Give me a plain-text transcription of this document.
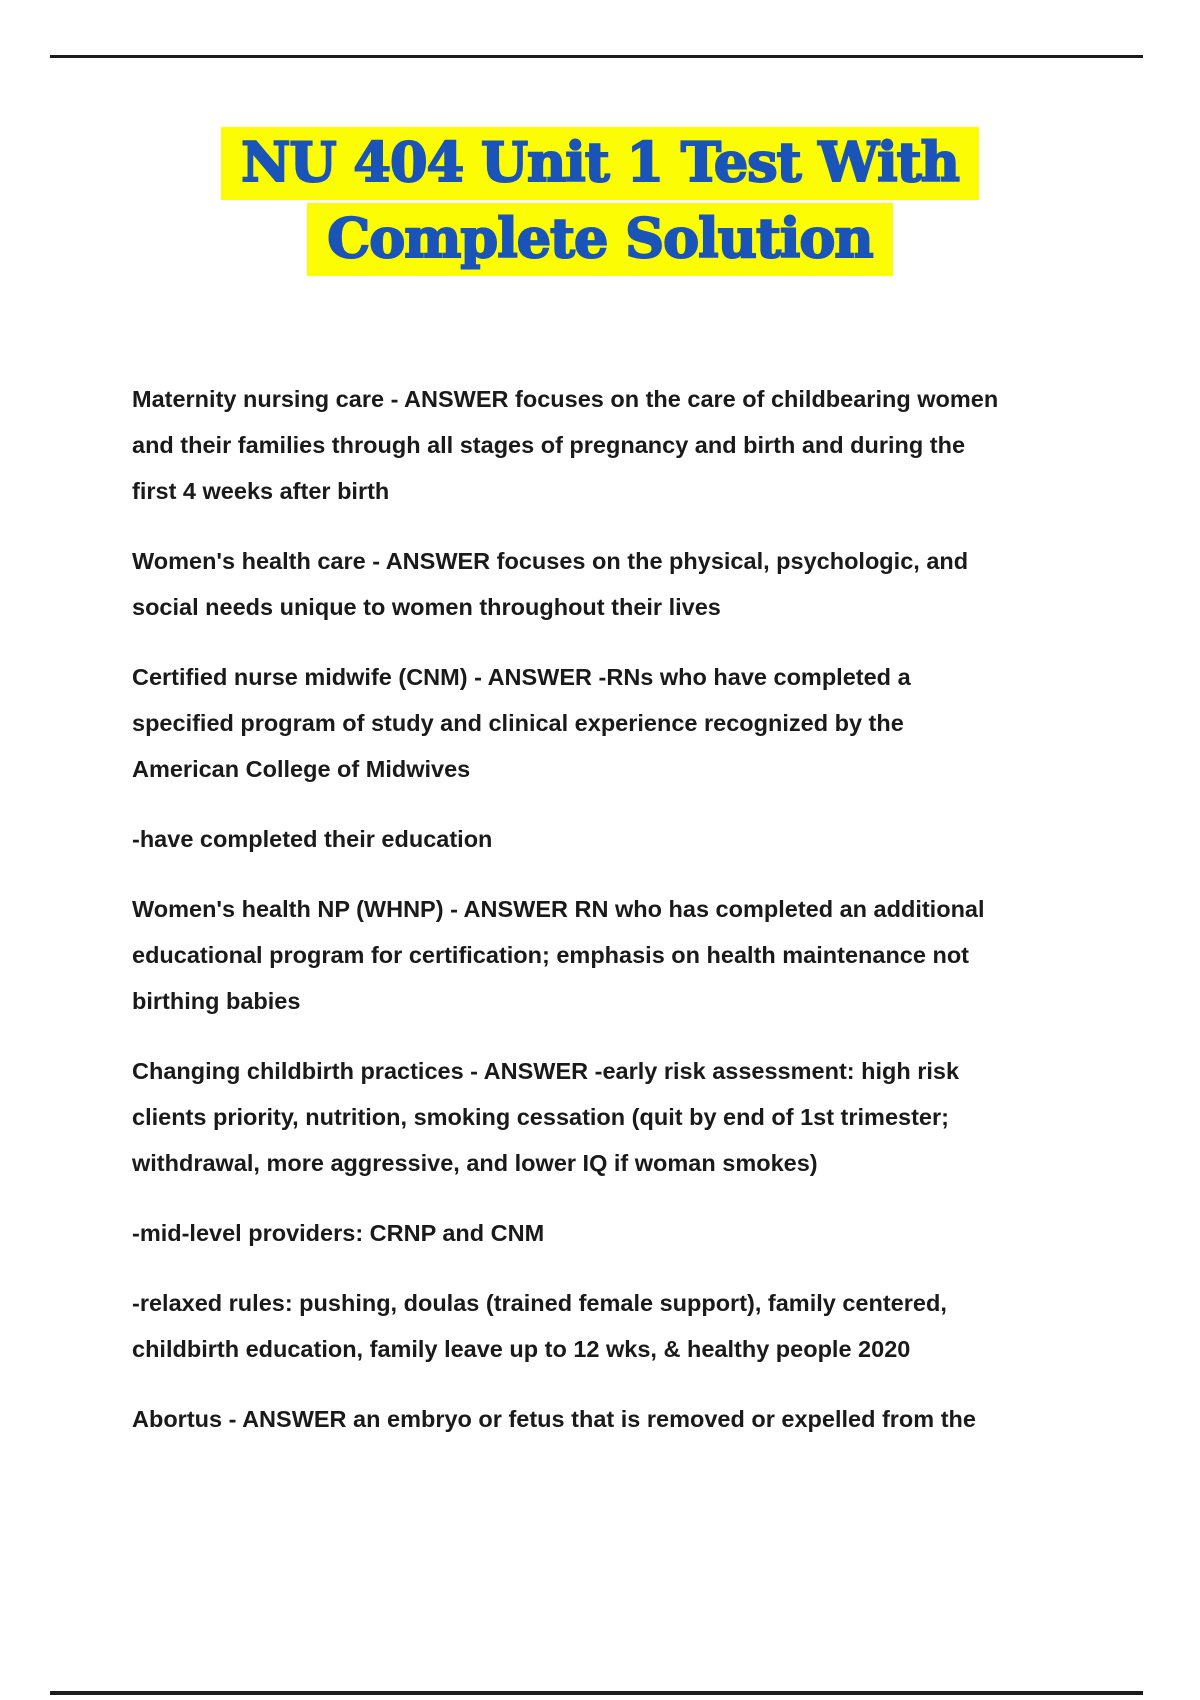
NU 404 Unit 1 Test With
Complete Solution

Maternity nursing care - ANSWER focuses on the care of childbearing women and their families through all stages of pregnancy and birth and during the first 4 weeks after birth

Women's health care - ANSWER focuses on the physical, psychologic, and social needs unique to women throughout their lives

Certified nurse midwife (CNM) - ANSWER -RNs who have completed a specified program of study and clinical experience recognized by the American College of Midwives

-have completed their education

Women's health NP (WHNP) - ANSWER RN who has completed an additional educational program for certification; emphasis on health maintenance not birthing babies

Changing childbirth practices - ANSWER -early risk assessment: high risk clients priority, nutrition, smoking cessation (quit by end of 1st trimester; withdrawal, more aggressive, and lower IQ if woman smokes)

-mid-level providers: CRNP and CNM

-relaxed rules: pushing, doulas (trained female support), family centered, childbirth education, family leave up to 12 wks, & healthy people 2020

Abortus - ANSWER an embryo or fetus that is removed or expelled from the
